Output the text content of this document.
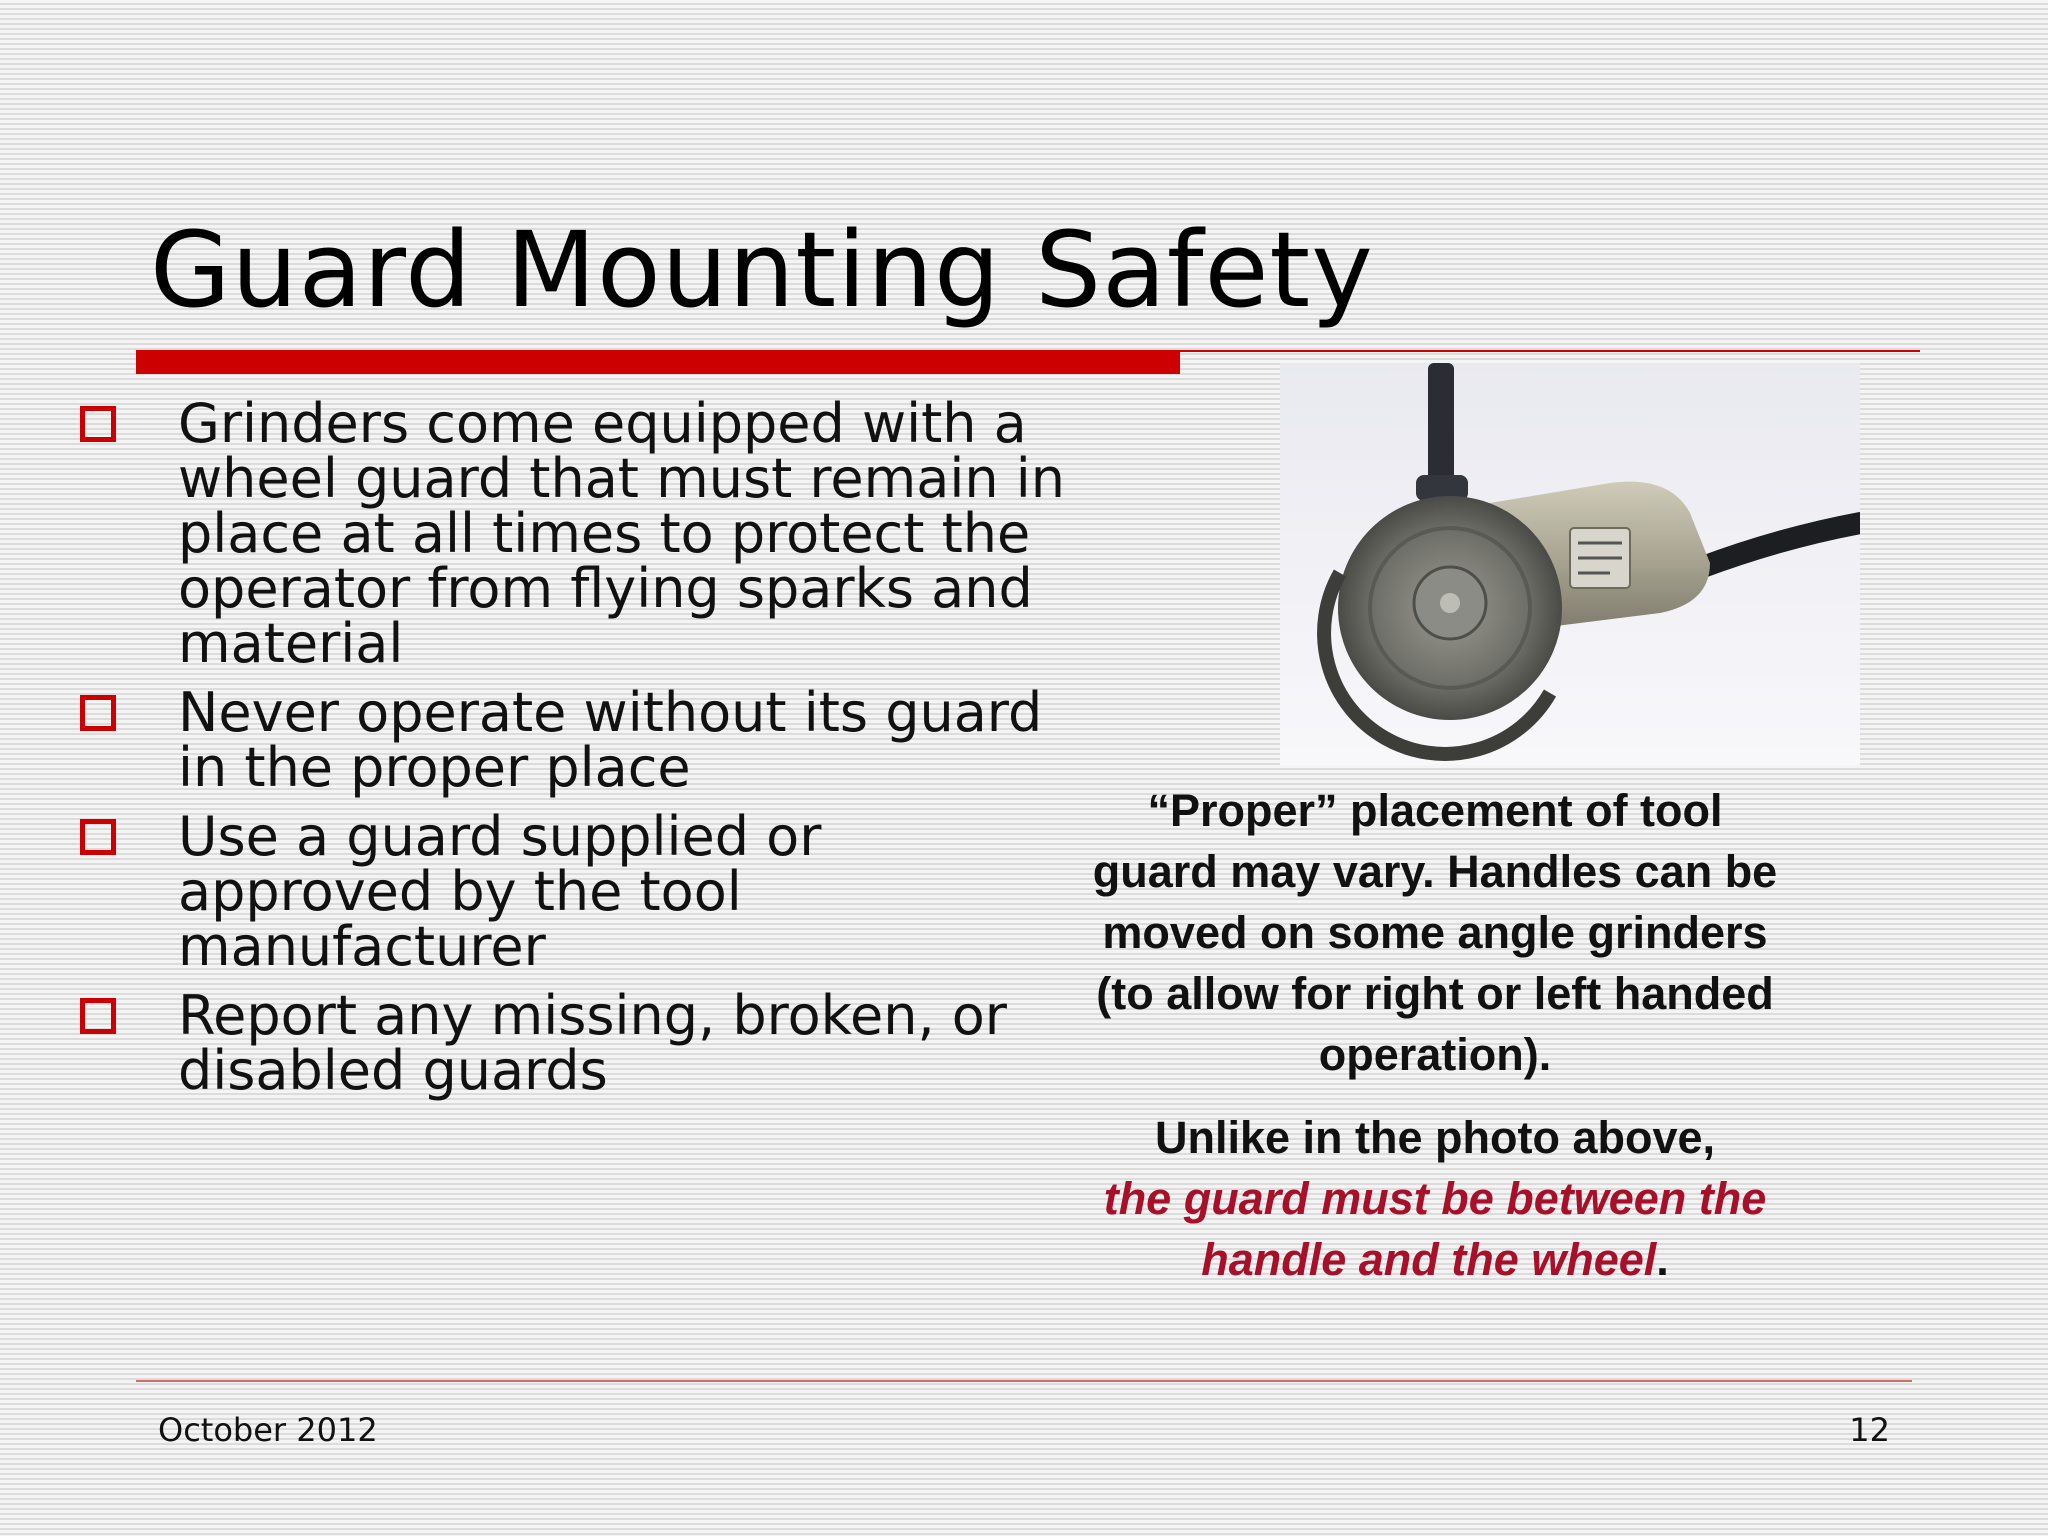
Guard Mounting Safety
Grinders come equipped with a wheel guard that must remain in place at all times to protect the operator from flying sparks and material
Never operate without its guard in the proper place
Use a guard supplied or approved by the tool manufacturer
Report any missing, broken, or disabled guards

“Proper” placement of tool guard may vary. Handles can be moved on some angle grinders (to allow for right or left handed operation).

Unlike in the photo above,
the guard must be between the handle and the wheel.

October 2012	12
